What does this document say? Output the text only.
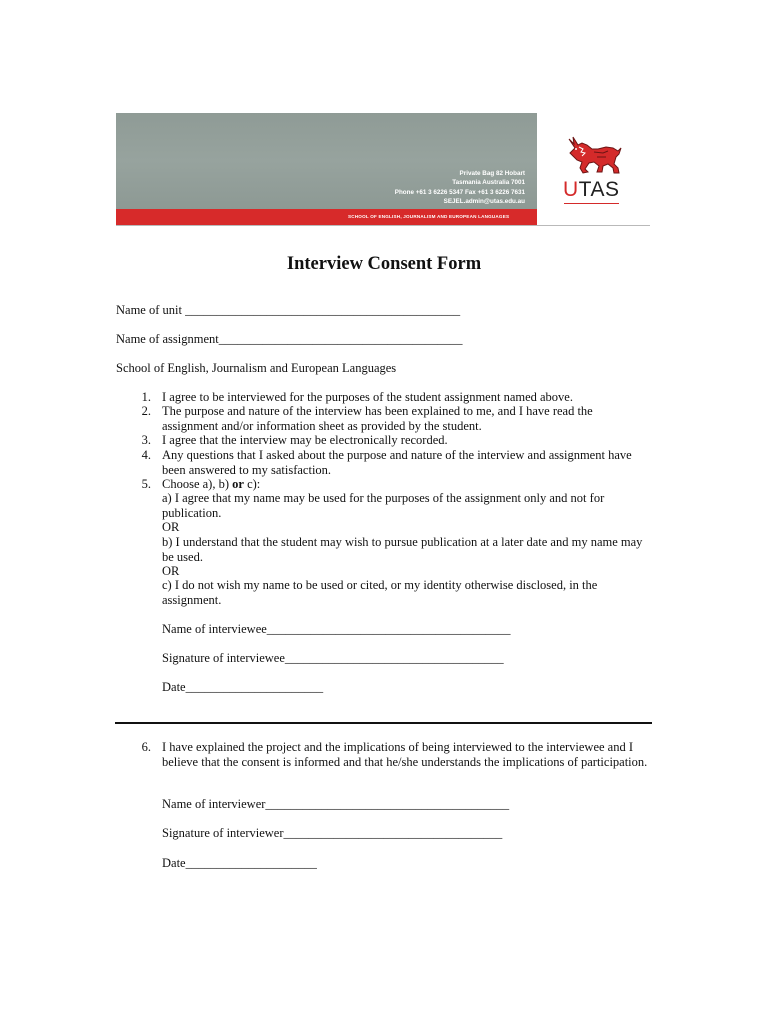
Private Bag 82 Hobart
Tasmania Australia 7001
Phone +61 3 6226 5347 Fax +61 3 6226 7631
SEJEL.admin@utas.edu.au
SCHOOL OF ENGLISH, JOURNALISM AND EUROPEAN LANGUAGES
UTAS
Interview Consent Form
Name of unit ____________________________________________
Name of assignment_______________________________________
School of English, Journalism and European Languages
1. I agree to be interviewed for the purposes of the student assignment named above.
2. The purpose and nature of the interview has been explained to me, and I have read the assignment and/or information sheet as provided by the student.
3. I agree that the interview may be electronically recorded.
4. Any questions that I asked about the purpose and nature of the interview and assignment have been answered to my satisfaction.
5. Choose a), b) or c):
a) I agree that my name may be used for the purposes of the assignment only and not for publication.
OR
b) I understand that the student may wish to pursue publication at a later date and my name may be used.
OR
c) I do not wish my name to be used or cited, or my identity otherwise disclosed, in the assignment.
Name of interviewee_______________________________________
Signature of interviewee___________________________________
Date______________________
6. I have explained the project and the implications of being interviewed to the interviewee and I believe that the consent is informed and that he/she understands the implications of participation.
Name of interviewer_______________________________________
Signature of interviewer___________________________________
Date_____________________
